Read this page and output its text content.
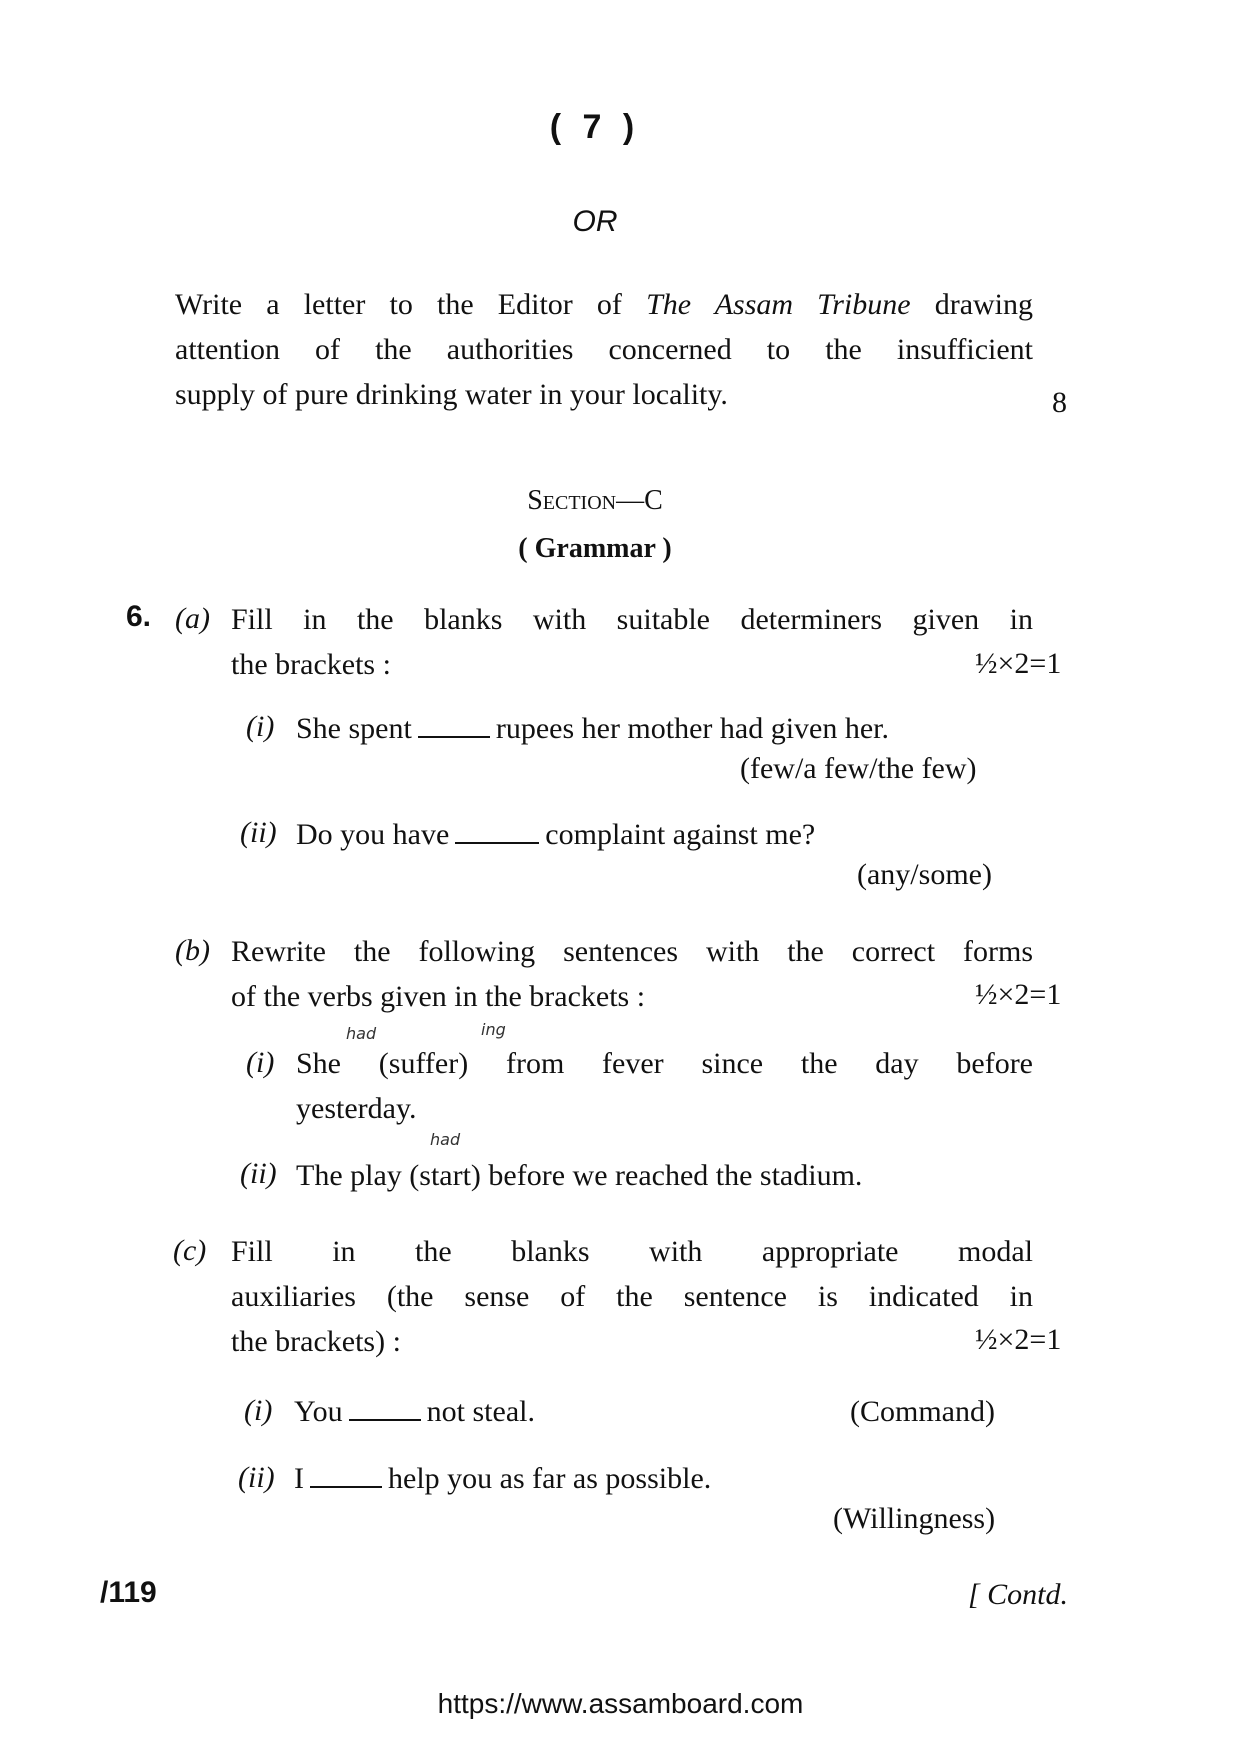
( 7 )
OR
Write a letter to the Editor of The Assam Tribune drawing
attention of the authorities concerned to the insufficient
supply of pure drinking water in your locality.	8
Section—C
( Grammar )
6. (a) Fill in the blanks with suitable determiners given in
the brackets :	½×2=1
(i) She spent	rupees her mother had given her.
(few/a few/the few)
(ii) Do you have	complaint against me?
(any/some)
(b) Rewrite the following sentences with the correct forms
of the verbs given in the brackets :	½×2=1
had	ing
(i) She (suffer) from fever since the day before
yesterday.
had
(ii) The play (start) before we reached the stadium.
(c) Fill in the blanks with appropriate modal
auxiliaries (the sense of the sentence is indicated in
the brackets) :	½×2=1
(i) You	not steal.	(Command)
(ii) I	help you as far as possible.
(Willingness)
/119	[ Contd.
https://www.assamboard.com
